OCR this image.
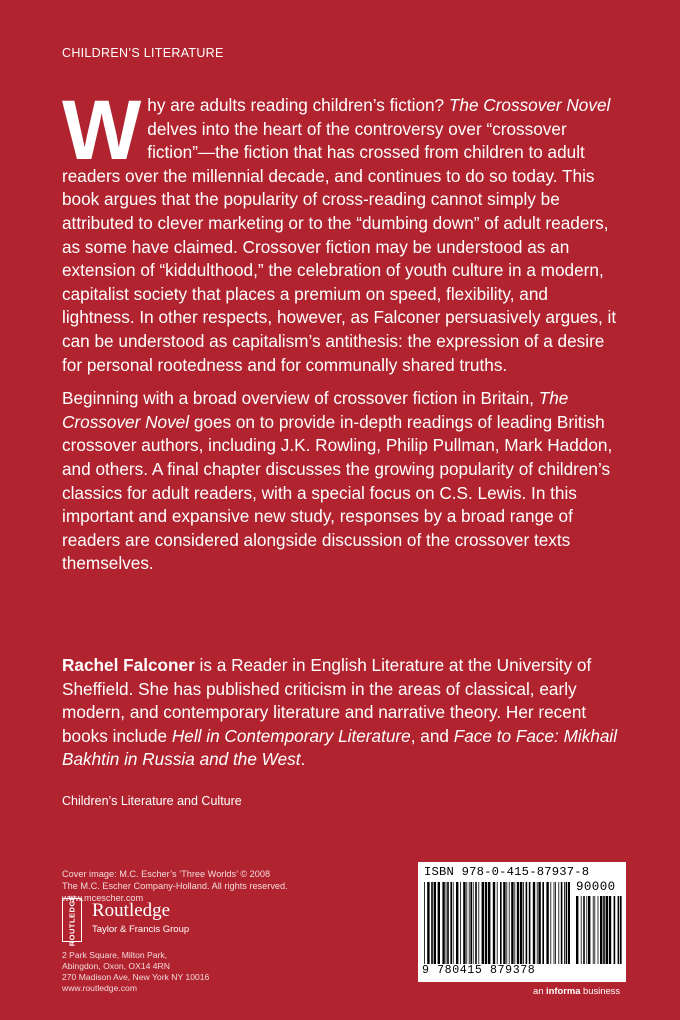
CHILDREN’S LITERATURE

Why are adults reading children’s fiction? The Crossover Novel delves into the heart of the controversy over “crossover fiction”—the fiction that has crossed from children to adult readers over the millennial decade, and continues to do so today. This book argues that the popularity of cross-reading cannot simply be attributed to clever marketing or to the “dumbing down” of adult readers, as some have claimed. Crossover fiction may be understood as an extension of “kiddulthood,” the celebration of youth culture in a modern, capitalist society that places a premium on speed, flexibility, and lightness. In other respects, however, as Falconer persuasively argues, it can be understood as capitalism’s antithesis: the expression of a desire for personal rootedness and for communally shared truths.

Beginning with a broad overview of crossover fiction in Britain, The Crossover Novel goes on to provide in-depth readings of leading British crossover authors, including J.K. Rowling, Philip Pullman, Mark Haddon, and others. A final chapter discusses the growing popularity of children’s classics for adult readers, with a special focus on C.S. Lewis. In this important and expansive new study, responses by a broad range of readers are considered alongside discussion of the crossover texts themselves.

Rachel Falconer is a Reader in English Literature at the University of Sheffield. She has published criticism in the areas of classical, early modern, and contemporary literature and narrative theory. Her recent books include Hell in Contemporary Literature, and Face to Face: Mikhail Bakhtin in Russia and the West.
Children’s Literature and Culture
Cover image: M.C. Escher’s ‘Three Worlds’ © 2008
The M.C. Escher Company-Holland. All rights reserved.
www.mcescher.com
ROUTLEDGE Routledge
Taylor & Francis Group
2 Park Square, Milton Park,
Abingdon, Oxon, OX14 4RN
270 Madison Ave, New York NY 10016
www.routledge.com
ISBN 978-0-415-87937-8
90000
9 780415 879378
an informa business
